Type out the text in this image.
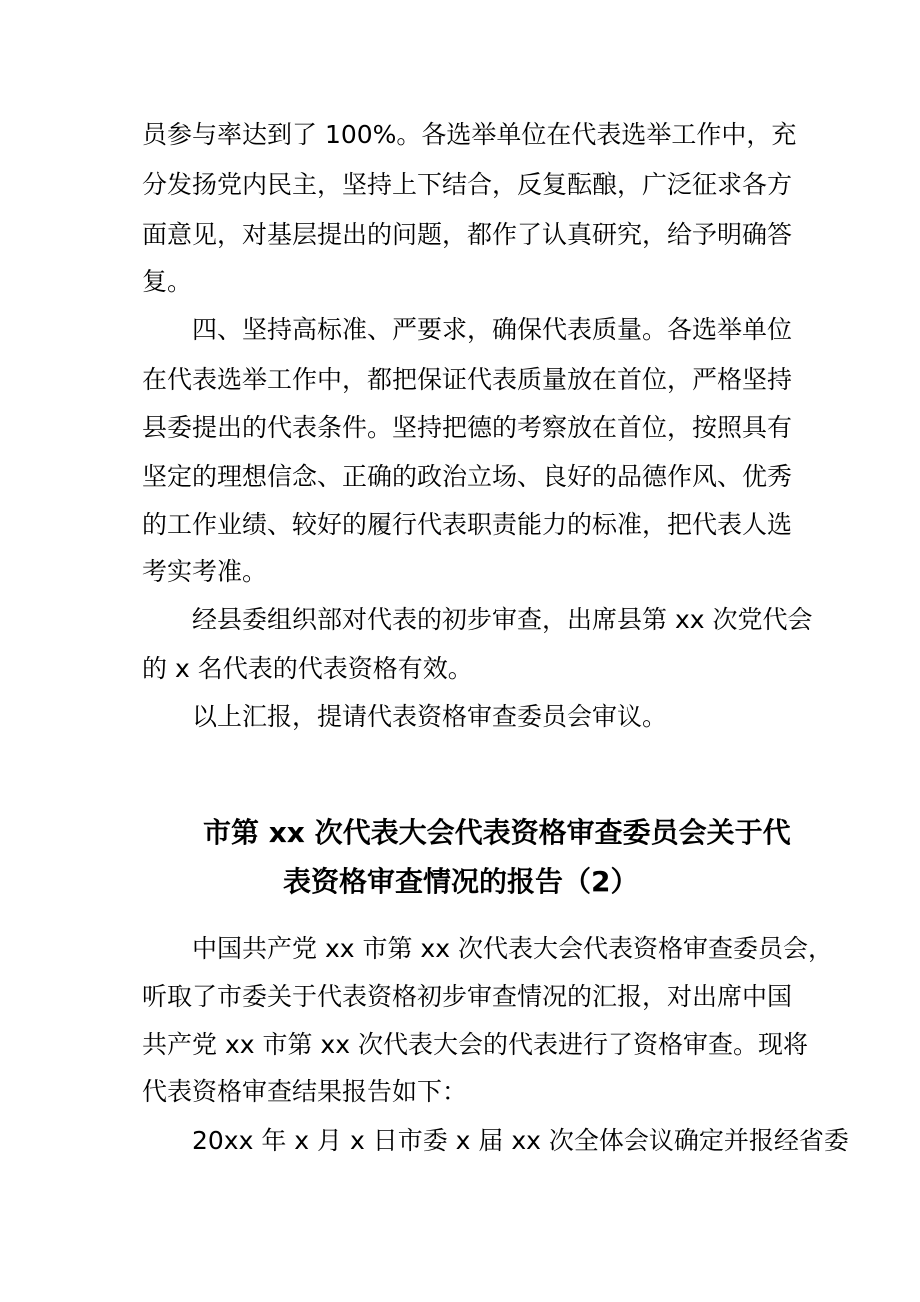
员参与率达到了 100%。各选举单位在代表选举工作中，充
分发扬党内民主，坚持上下结合，反复酝酿，广泛征求各方
面意见，对基层提出的问题，都作了认真研究，给予明确答
复。
四、坚持高标准、严要求，确保代表质量。各选举单位
在代表选举工作中，都把保证代表质量放在首位，严格坚持
县委提出的代表条件。坚持把德的考察放在首位，按照具有
坚定的理想信念、正确的政治立场、良好的品德作风、优秀
的工作业绩、较好的履行代表职责能力的标准，把代表人选
考实考准。
经县委组织部对代表的初步审查，出席县第 xx 次党代会
的 x 名代表的代表资格有效。
以上汇报，提请代表资格审查委员会审议。
市第 xx 次代表大会代表资格审查委员会关于代
表资格审查情况的报告（2）
中国共产党 xx 市第 xx 次代表大会代表资格审查委员会，
听取了市委关于代表资格初步审查情况的汇报，对出席中国
共产党 xx 市第 xx 次代表大会的代表进行了资格审查。现将
代表资格审查结果报告如下：
20xx 年 x 月 x 日市委 x 届 xx 次全体会议确定并报经省委
